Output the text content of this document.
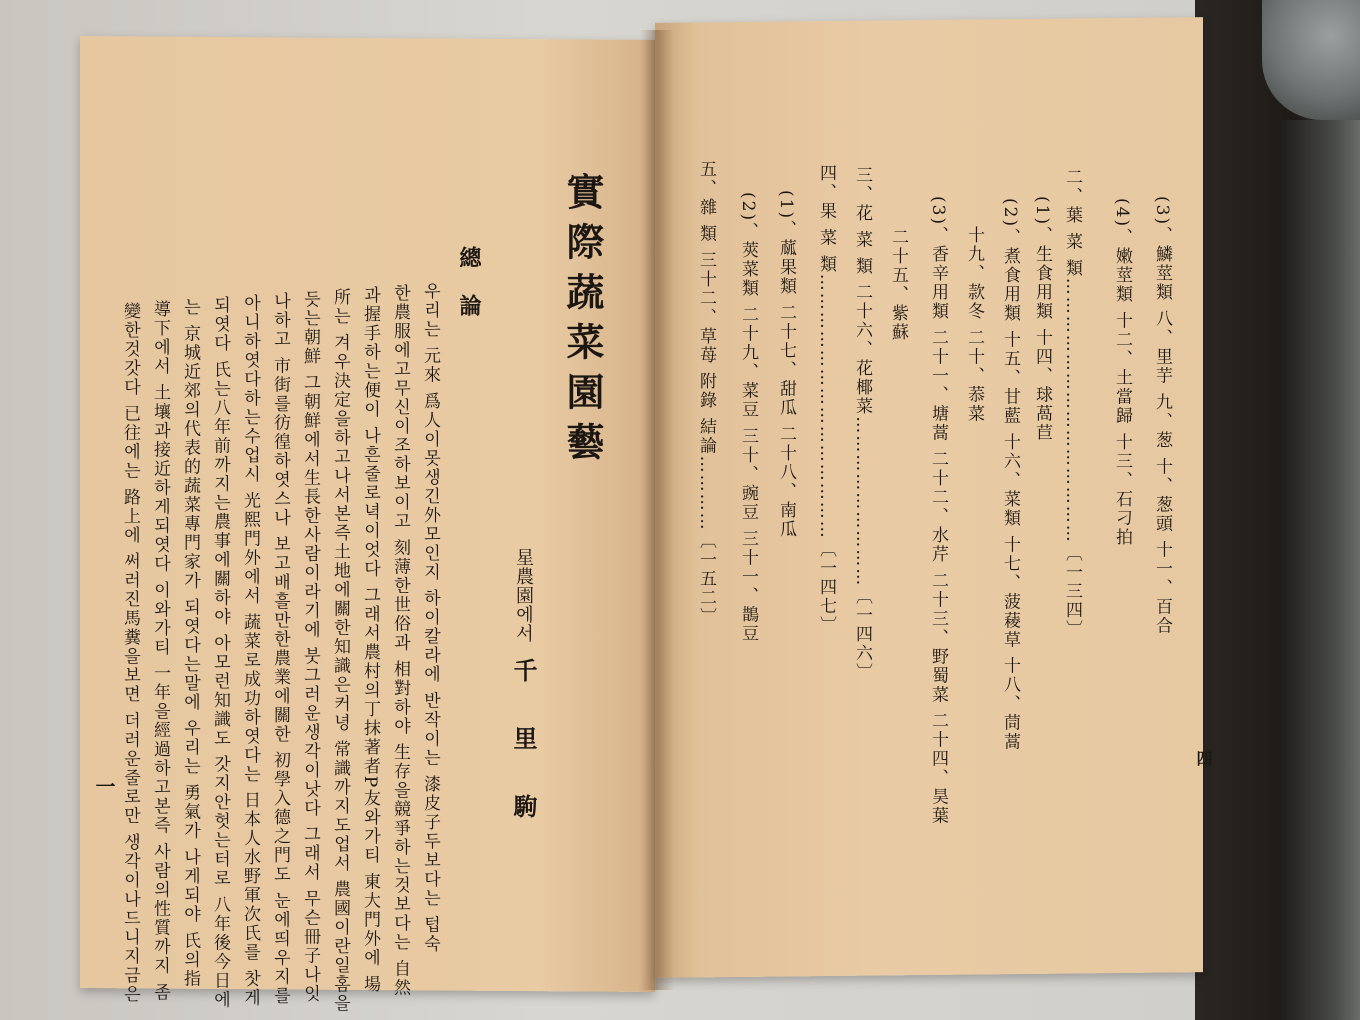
實際蔬菜園藝
總論
星農園에서
千里駒
우리는 元來 爲人이못생긴外모인지 하이칼라에 반작이는 漆皮子두보다는 텁숙
한農服에고무신이조하보이고 刻薄한世俗과 相對하야 生存을競爭하는것보다는 自然
과握手하는便이 나흔줄로녁이엇다 그래서農村의丁抹著者P友와가티 東大門外에 場
所는 겨우決定을하고나서본즉土地에關한知識은커녕 常識까지도업서 農國이란일홈을
듯는朝鮮 그朝鮮에서生長한사람이라기에 붓그러운생각이낫다 그래서 무슨冊子나잇
나하고 市街를彷徨하엿스나 보고배흘만한農業에關한 初學入德之門도 눈에띄우지를
아니하엿다하는수업시 光熙門外에서 蔬菜로成功하엿다는 日本人水野軍次氏를 찻게
되엿다 氏는八年前까지는農事에關하야 아모런知識도 갓지안헛는터로 八年後今日에
는 京城近郊의代表的蔬菜專門家가 되엿다는말에 우리는 勇氣가 나게되야 氏의指
導下에서 土壤과接近하게되엿다 이와가티 一年을經過하고본즉 사람의性質까지 좀
變한것갓다 已往에는 路上에 써러진馬糞을보면 더러운줄로만 생각이나드니지금은
一
四
(3)、鱗莖類 八、里芋 九、葱 十、葱頭 十一、百合
(4)、嫩莖類 十二、土當歸 十三、石刁拍
二、葉 菜 類……………………………………〔一三四〕
(1)、生食用類 十四、球萵苣
(2)、煮食用類 十五、甘藍 十六、菜類 十七、菠薐草 十八、茼蒿
十九、款冬 二十、菾菜
(3)、香辛用類 二十一、塘蒿 二十二、水芹 二十三、野蜀菜 二十四、昊葉
二十五、紫蘇
三、花 菜 類 二十六、花椰菜………………………〔一四六〕
四、果 菜 類……………………………………〔一四七〕
(1)、蓏果類 二十七、甜瓜 二十八、南瓜
(2)、莢菜類 二十九、菜豆 三十、豌豆 三十一、鵲豆
五、雜 類 三十二、草苺 附錄 結論…………〔一五二〕
